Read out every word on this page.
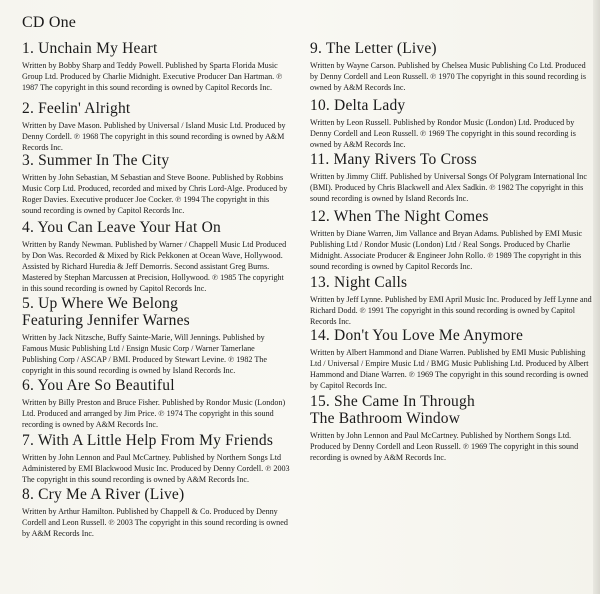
CD One

1. Unchain My Heart

Written by Bobby Sharp and Teddy Powell. Published by Sparta Florida Music Group Ltd. Produced by Charlie Midnight. Executive Producer Dan Hartman. ℗ 1987 The copyright in this sound recording is owned by Capitol Records Inc.

2. Feelin' Alright

Written by Dave Mason. Published by Universal / Island Music Ltd. Produced by Denny Cordell. ℗ 1968 The copyright in this sound recording is owned by A&M Records Inc.

3. Summer In The City

Written by John Sebastian, M Sebastian and Steve Boone. Published by Robbins Music Corp Ltd. Produced, recorded and mixed by Chris Lord-Alge. Produced by Roger Davies. Executive producer Joe Cocker. ℗ 1994 The copyright in this sound recording is owned by Capitol Records Inc.

4. You Can Leave Your Hat On

Written by Randy Newman. Published by Warner / Chappell Music Ltd Produced by Don Was. Recorded & Mixed by Rick Pekkonen at Ocean Wave, Hollywood. Assisted by Richard Huredia & Jeff Demorris. Second assistant Greg Burns. Mastered by Stephan Marcussen at Precision, Hollywood. ℗ 1985 The copyright in this sound recording is owned by Capitol Records Inc.

5. Up Where We Belong

Featuring Jennifer Warnes

Written by Jack Nitzsche, Buffy Sainte-Marie, Will Jennings. Published by Famous Music Publishing Ltd / Ensign Music Corp / Warner Tamerlane Publishing Corp / ASCAP / BMI. Produced by Stewart Levine. ℗ 1982 The copyright in this sound recording is owned by Island Records Inc.

6. You Are So Beautiful

Written by Billy Preston and Bruce Fisher. Published by Rondor Music (London) Ltd. Produced and arranged by Jim Price. ℗ 1974 The copyright in this sound recording is owned by A&M Records Inc.

7. With A Little Help From My Friends

Written by John Lennon and Paul McCartney. Published by Northern Songs Ltd Administered by EMI Blackwood Music Inc. Produced by Denny Cordell. ℗ 2003 The copyright in this sound recording is owned by A&M Records Inc.

8. Cry Me A River (Live)

Written by Arthur Hamilton. Published by Chappell & Co. Produced by Denny Cordell and Leon Russell. ℗ 2003 The copyright in this sound recording is owned by A&M Records Inc.

9. The Letter (Live)

Written by Wayne Carson. Published by Chelsea Music Publishing Co Ltd. Produced by Denny Cordell and Leon Russell. ℗ 1970 The copyright in this sound recording is owned by A&M Records Inc.

10. Delta Lady

Written by Leon Russell. Published by Rondor Music (London) Ltd. Produced by Denny Cordell and Leon Russell. ℗ 1969 The copyright in this sound recording is owned by A&M Records Inc.

11. Many Rivers To Cross

Written by Jimmy Cliff. Published by Universal Songs Of Polygram International Inc (BMI). Produced by Chris Blackwell and Alex Sadkin. ℗ 1982 The copyright in this sound recording is owned by Island Records Inc.

12. When The Night Comes

Written by Diane Warren, Jim Vallance and Bryan Adams. Published by EMI Music Publishing Ltd / Rondor Music (London) Ltd / Real Songs. Produced by Charlie Midnight. Associate Producer & Engineer John Rollo. ℗ 1989 The copyright in this sound recording is owned by Capitol Records Inc.

13. Night Calls

Written by Jeff Lynne. Published by EMI April Music Inc. Produced by Jeff Lynne and Richard Dodd. ℗ 1991 The copyright in this sound recording is owned by Capitol Records Inc.

14. Don't You Love Me Anymore

Written by Albert Hammond and Diane Warren. Published by EMI Music Publishing Ltd / Universal / Empire Music Ltd / BMG Music Publishing Ltd. Produced by Albert Hammond and Diane Warren. ℗ 1969 The copyright in this sound recording is owned by Capitol Records Inc.

15. She Came In Through

The Bathroom Window

Written by John Lennon and Paul McCartney. Published by Northern Songs Ltd. Produced by Denny Cordell and Leon Russell. ℗ 1969 The copyright in this sound recording is owned by A&M Records Inc.
